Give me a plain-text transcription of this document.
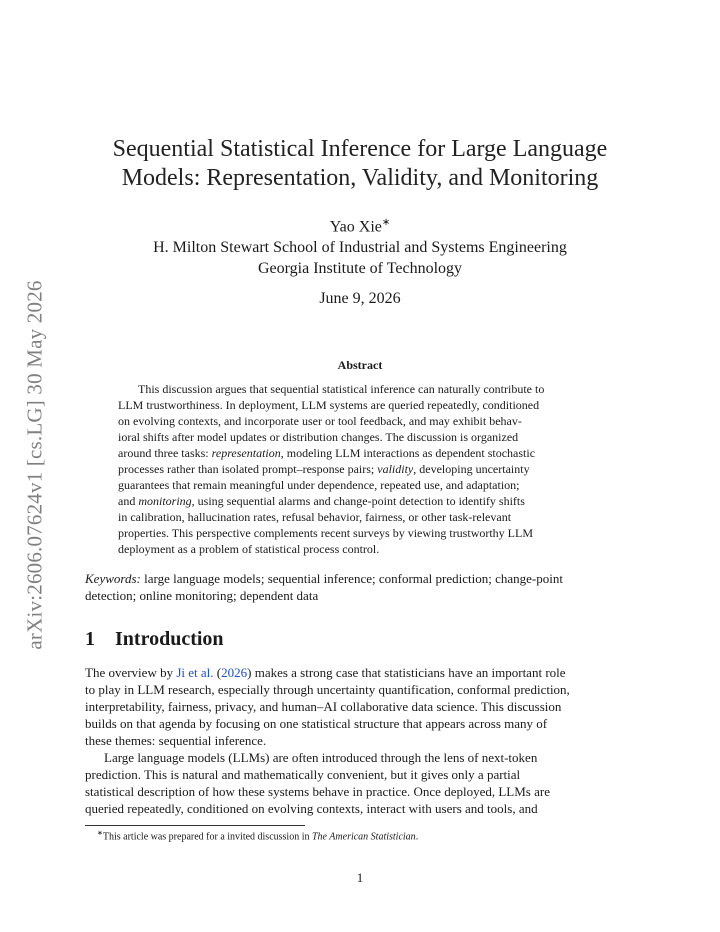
arXiv:2606.07624v1 [cs.LG] 30 May 2026
Sequential Statistical Inference for Large Language
Models: Representation, Validity, and Monitoring
Yao Xie∗
H. Milton Stewart School of Industrial and Systems Engineering
Georgia Institute of Technology
June 9, 2026
Abstract
This discussion argues that sequential statistical inference can naturally contribute to
LLM trustworthiness. In deployment, LLM systems are queried repeatedly, conditioned
on evolving contexts, and incorporate user or tool feedback, and may exhibit behav-
ioral shifts after model updates or distribution changes. The discussion is organized
around three tasks: representation, modeling LLM interactions as dependent stochastic
processes rather than isolated prompt–response pairs; validity, developing uncertainty
guarantees that remain meaningful under dependence, repeated use, and adaptation;
and monitoring, using sequential alarms and change-point detection to identify shifts
in calibration, hallucination rates, refusal behavior, fairness, or other task-relevant
properties. This perspective complements recent surveys by viewing trustworthy LLM
deployment as a problem of statistical process control.
Keywords: large language models; sequential inference; conformal prediction; change-point
detection; online monitoring; dependent data
1 Introduction
The overview by Ji et al. (2026) makes a strong case that statisticians have an important role
to play in LLM research, especially through uncertainty quantification, conformal prediction,
interpretability, fairness, privacy, and human–AI collaborative data science. This discussion
builds on that agenda by focusing on one statistical structure that appears across many of
these themes: sequential inference.
Large language models (LLMs) are often introduced through the lens of next-token
prediction. This is natural and mathematically convenient, but it gives only a partial
statistical description of how these systems behave in practice. Once deployed, LLMs are
queried repeatedly, conditioned on evolving contexts, interact with users and tools, and
∗This article was prepared for a invited discussion in The American Statistician.
1
